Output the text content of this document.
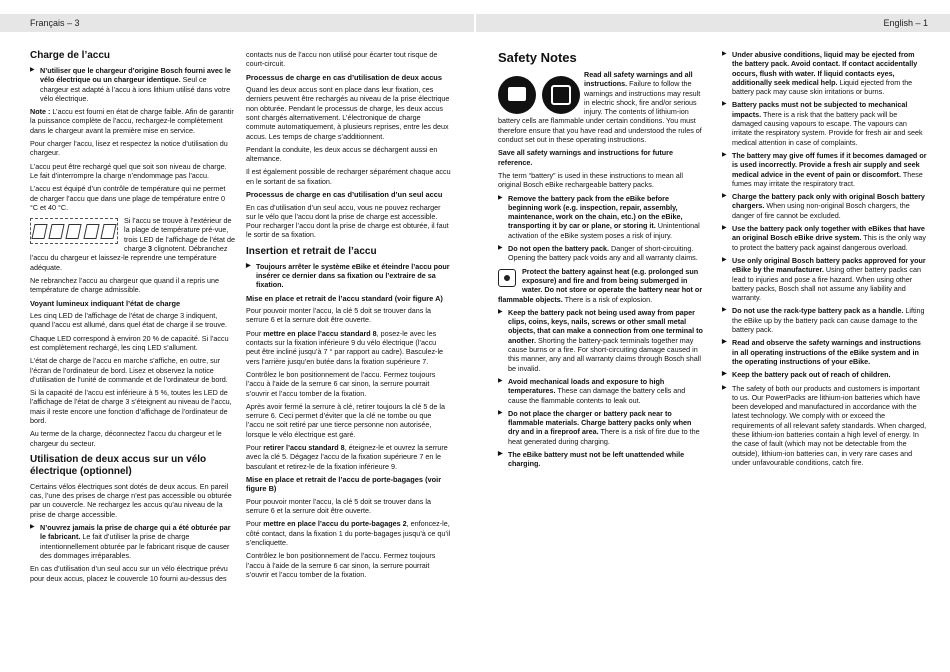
Français – 3
Charge de l’accu

▶ N’utiliser que le chargeur d’origine Bosch fourni avec le vélo électrique ou un chargeur identique. Seul ce chargeur est adapté à l’accu à ions lithium utilisé dans votre vélo électrique.

Note : L’accu est fourni en état de charge faible. Afin de garantir la puissance complète de l’accu, rechargez-le complètement dans le chargeur avant la première mise en service.

Pour charger l’accu, lisez et respectez la notice d’utilisation du chargeur.

L’accu peut être rechargé quel que soit son niveau de charge. Le fait d’interrompre la charge n’endommage pas l’accu.

L’accu est équipé d’un contrôle de température qui ne permet de charger l’accu que dans une plage de température entre 0 °C et 40 °C.

Si l’accu se trouve à l’extérieur de la plage de température pré-vue, trois LED de l’affichage de l’état de charge 3 clignotent. Débranchez l’accu du chargeur et laissez-le reprendre une température adéquate.

Ne rebranchez l’accu au chargeur que quand il a repris une température de charge admissible.

Voyant lumineux indiquant l’état de charge

Les cinq LED de l’affichage de l’état de charge 3 indiquent, quand l’accu est allumé, dans quel état de charge il se trouve.

Chaque LED correspond à environ 20 % de capacité. Si l’accu est complètement rechargé, les cinq LED s’allument.

L’état de charge de l’accu en marche s’affiche, en outre, sur l’écran de l’ordinateur de bord. Lisez et observez la notice d’utilisation de l’unité de commande et de l’ordinateur de bord.

Si la capacité de l’accu est inférieure à 5 %, toutes les LED de l’affichage de l’état de charge 3 s’éteignent au niveau de l’accu, mais il reste encore une fonction d’affichage de l’ordinateur de bord.

Au terme de la charge, déconnectez l’accu du chargeur et le chargeur du secteur.

Utilisation de deux accus sur un vélo électrique (optionnel)

Certains vélos électriques sont dotés de deux accus. En pareil cas, l’une des prises de charge n’est pas accessible ou obturée par un couvercle. Ne rechargez les accus qu’au niveau de la prise de charge accessible.

▶ N’ouvrez jamais la prise de charge qui a été obturée par le fabricant. Le fait d’utiliser la prise de charge intentionnellement obturée par le fabricant risque de causer des dommages irréparables.

En cas d’utilisation d’un seul accu sur un vélo électrique prévu pour deux accus, placez le couvercle 10 fourni au-dessus des

contacts nus de l’accu non utilisé pour écarter tout risque de court-circuit.

Processus de charge en cas d’utilisation de deux accus

Quand les deux accus sont en place dans leur fixation, ces derniers peuvent être rechargés au niveau de la prise électrique non obturée. Pendant le processus de charge, les deux accus sont chargés alternativement. L’électronique de charge commute automatiquement, à plusieurs reprises, entre les deux accus. Les temps de charge s’additionnent.

Pendant la conduite, les deux accus se déchargent aussi en alternance.

Il est également possible de recharger séparément chaque accu en le sortant de sa fixation.

Processus de charge en cas d’utilisation d’un seul accu

En cas d’utilisation d’un seul accu, vous ne pouvez recharger sur le vélo que l’accu dont la prise de charge est accessible. Pour recharger l’accu dont la prise de charge est obturée, il faut le sortir de sa fixation.

Insertion et retrait de l’accu

▶ Toujours arrêter le système eBike et éteindre l’accu pour insérer ce dernier dans sa fixation ou l’extraire de sa fixation.

Mise en place et retrait de l’accu standard (voir figure A)

Pour pouvoir monter l’accu, la clé 5 doit se trouver dans la serrure 6 et la serrure doit être ouverte.

Pour mettre en place l’accu standard 8, posez-le avec les contacts sur la fixation inférieure 9 du vélo électrique (l’accu peut être incliné jusqu’à 7 ° par rapport au cadre). Basculez-le vers l’arrière jusqu’en butée dans la fixation supérieure 7.

Contrôlez le bon positionnement de l’accu. Fermez toujours l’accu à l’aide de la serrure 6 car sinon, la serrure pourrait s’ouvrir et l’accu tomber de la fixation.

Après avoir fermé la serrure à clé, retirer toujours la clé 5 de la serrure 6. Ceci permet d’éviter que la clé ne tombe ou que l’accu ne soit retiré par une tierce personne non autorisée, lorsque le vélo électrique est garé.

Pour retirer l’accu standard 8, éteignez-le et ouvrez la serrure avec la clé 5. Dégagez l’accu de la fixation supérieure 7 en le basculant et retirez-le de la fixation inférieure 9.

Mise en place et retrait de l’accu de porte-bagages (voir figure B)

Pour pouvoir monter l’accu, la clé 5 doit se trouver dans la serrure 6 et la serrure doit être ouverte.

Pour mettre en place l’accu du porte-bagages 2, enfoncez-le, côté contact, dans la fixation 1 du porte-bagages jusqu’à ce qu’il s’encliquette.

Contrôlez le bon positionnement de l’accu. Fermez toujours l’accu à l’aide de la serrure 6 car sinon, la serrure pourrait s’ouvrir et l’accu tomber de la fixation.

English – 1
Safety Notes

Read all safety warnings and all instructions. Failure to follow the warnings and instructions may result in electric shock, fire and/or serious injury. The contents of lithium-ion battery cells are flammable under certain conditions. You must therefore ensure that you have read and understood the rules of conduct set out in these operating instructions.

Save all safety warnings and instructions for future reference.

The term “battery” is used in these instructions to mean all original Bosch eBike rechargeable battery packs.

▶ Remove the battery pack from the eBike before beginning work (e.g. inspection, repair, assembly, maintenance, work on the chain, etc.) on the eBike, transporting it by car or plane, or storing it. Unintentional activation of the eBike system poses a risk of injury.

▶ Do not open the battery pack. Danger of short-circuiting. Opening the battery pack voids any and all warranty claims.

Protect the battery against heat (e.g. prolonged sun exposure) and fire and from being submerged in water. Do not store or operate the battery near hot or flammable objects. There is a risk of explosion.

▶ Keep the battery pack not being used away from paper clips, coins, keys, nails, screws or other small metal objects, that can make a connection from one terminal to another. Shorting the battery-pack terminals together may cause burns or a fire. For short-circuiting damage caused in this manner, any and all warranty claims through Bosch shall be invalid.

▶ Avoid mechanical loads and exposure to high temperatures. These can damage the battery cells and cause the flammable contents to leak out.

▶ Do not place the charger or battery pack near to flammable materials. Charge battery packs only when dry and in a fireproof area. There is a risk of fire due to the heat generated during charging.

▶ The eBike battery must not be left unattended while charging.

▶ Under abusive conditions, liquid may be ejected from the battery pack. Avoid contact. If contact accidentally occurs, flush with water. If liquid contacts eyes, additionally seek medical help. Liquid ejected from the battery pack may cause skin irritations or burns.

▶ Battery packs must not be subjected to mechanical impacts. There is a risk that the battery pack will be damaged causing vapours to escape. The vapours can irritate the respiratory system. Provide for fresh air and seek medical attention in case of complaints.

▶ The battery may give off fumes if it becomes damaged or is used incorrectly. Provide a fresh air supply and seek medical advice in the event of pain or discomfort. These fumes may irritate the respiratory tract.

▶ Charge the battery pack only with original Bosch battery chargers. When using non-original Bosch chargers, the danger of fire cannot be excluded.

▶ Use the battery pack only together with eBikes that have an original Bosch eBike drive system. This is the only way to protect the battery pack against dangerous overload.

▶ Use only original Bosch battery packs approved for your eBike by the manufacturer. Using other battery packs can lead to injuries and pose a fire hazard. When using other battery packs, Bosch shall not assume any liability and warranty.

▶ Do not use the rack-type battery pack as a handle. Lifting the eBike up by the battery pack can cause damage to the battery pack.

▶ Read and observe the safety warnings and instructions in all operating instructions of the eBike system and in the operating instructions of your eBike.

▶ Keep the battery pack out of reach of children.

▶ The safety of both our products and customers is important to us. Our PowerPacks are lithium-ion batteries which have been developed and manufactured in accordance with the latest technology. We comply with or exceed the requirements of all relevant safety standards. When charged, these lithium-ion batteries contain a high level of energy. In the case of fault (which may not be detectable from the outside), lithium-ion batteries can, in very rare cases and under unfavourable conditions, catch fire.
